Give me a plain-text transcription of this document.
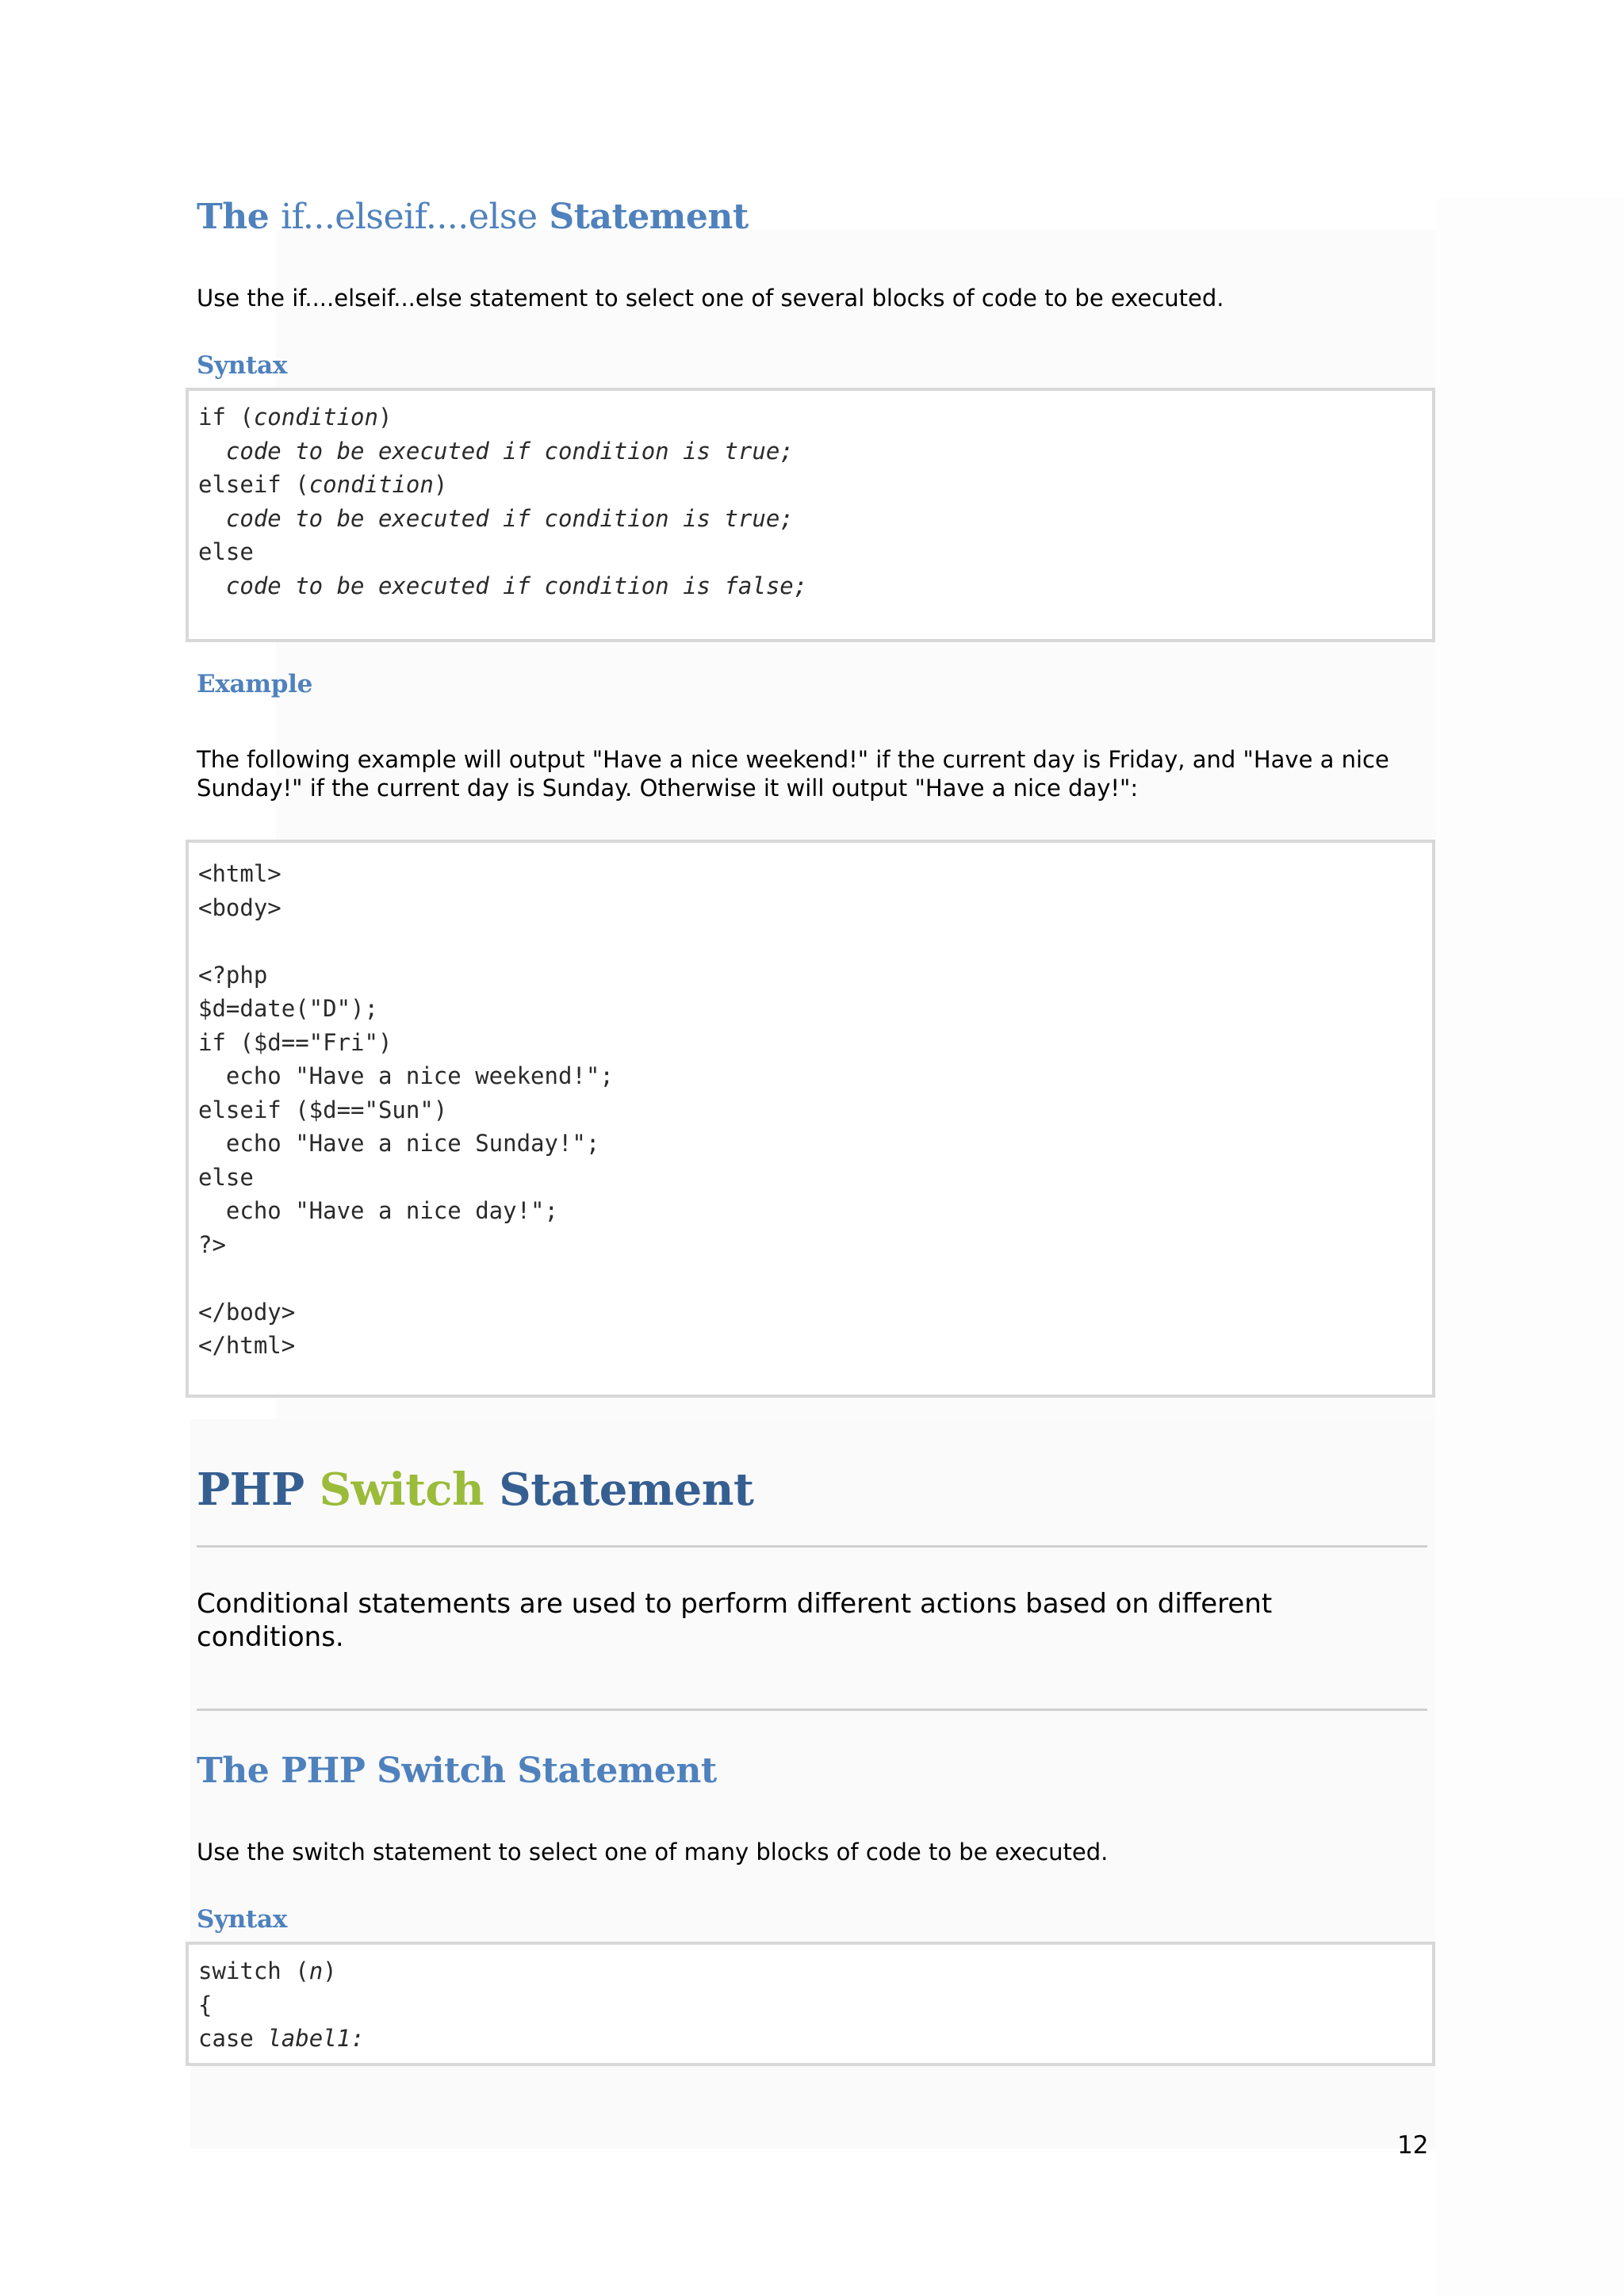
The if...elseif....else Statement
Use the if....elseif...else statement to select one of several blocks of code to be executed.
Syntax
if (condition)
code to be executed if condition is true;
elseif (condition)
code to be executed if condition is true;
else
code to be executed if condition is false;
Example
The following example will output "Have a nice weekend!" if the current day is Friday, and "Have a nice
Sunday!" if the current day is Sunday. Otherwise it will output "Have a nice day!":
<html>
<body>

<?php
$d=date("D");
if ($d=="Fri")
echo "Have a nice weekend!";
elseif ($d=="Sun")
echo "Have a nice Sunday!";
else
echo "Have a nice day!";
?>

</body>
</html>
PHP Switch Statement
Conditional statements are used to perform different actions based on different
conditions.
The PHP Switch Statement
Use the switch statement to select one of many blocks of code to be executed.
Syntax
switch (n)
{
case label1:
12
